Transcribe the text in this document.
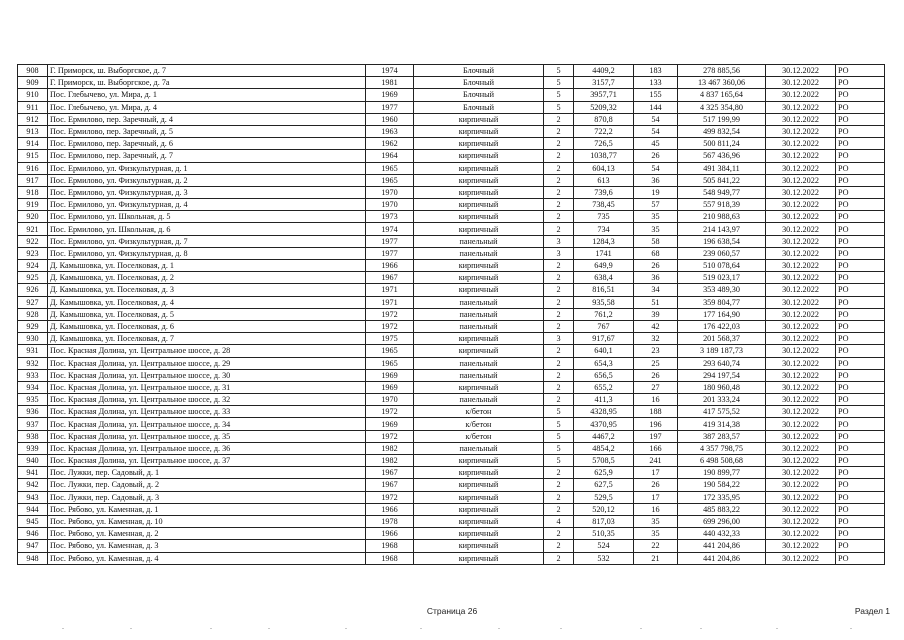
908	Г. Приморск, ш. Выборгское, д. 7	1974	Блочный	5	4409,2	183	278 885,56	30.12.2022	РО
909	Г. Приморск, ш. Выборгское, д. 7а	1981	Блочный	5	3157,7	133	13 467 360,06	30.12.2022	РО
910	Пос. Глебычево, ул. Мира, д. 1	1969	Блочный	5	3957,71	155	4 837 165,64	30.12.2022	РО
911	Пос. Глебычево, ул. Мира, д. 4	1977	Блочный	5	5209,32	144	4 325 354,80	30.12.2022	РО
912	Пос. Ермилово, пер. Заречный, д. 4	1960	кирпичный	2	870,8	54	517 199,99	30.12.2022	РО
913	Пос. Ермилово, пер. Заречный, д. 5	1963	кирпичный	2	722,2	54	499 832,54	30.12.2022	РО
914	Пос. Ермилово, пер. Заречный, д. 6	1962	кирпичный	2	726,5	45	500 811,24	30.12.2022	РО
915	Пос. Ермилово, пер. Заречный, д. 7	1964	кирпичный	2	1038,77	26	567 436,96	30.12.2022	РО
916	Пос. Ермилово, ул. Физкультурная, д. 1	1965	кирпичный	2	604,13	54	491 384,11	30.12.2022	РО
917	Пос. Ермилово, ул. Физкультурная, д. 2	1965	кирпичный	2	613	36	505 841,22	30.12.2022	РО
918	Пос. Ермилово, ул. Физкультурная, д. 3	1970	кирпичный	2	739,6	19	548 949,77	30.12.2022	РО
919	Пос. Ермилово, ул. Физкультурная, д. 4	1970	кирпичный	2	738,45	57	557 918,39	30.12.2022	РО
920	Пос. Ермилово, ул. Школьная, д. 5	1973	кирпичный	2	735	35	210 988,63	30.12.2022	РО
921	Пос. Ермилово, ул. Школьная, д. 6	1974	кирпичный	2	734	35	214 143,97	30.12.2022	РО
922	Пос. Ермилово, ул. Физкультурная, д. 7	1977	панельный	3	1284,3	58	196 638,54	30.12.2022	РО
923	Пос. Ермилово, ул. Физкультурная, д. 8	1977	панельный	3	1741	68	239 060,57	30.12.2022	РО
924	Д. Камышовка, ул. Поселковая, д. 1	1966	кирпичный	2	649,9	26	510 078,64	30.12.2022	РО
925	Д. Камышовка, ул. Поселковая, д. 2	1967	кирпичный	2	638,4	36	519 023,17	30.12.2022	РО
926	Д. Камышовка, ул. Поселковая, д. 3	1971	кирпичный	2	816,51	34	353 489,30	30.12.2022	РО
927	Д. Камышовка, ул. Поселковая, д. 4	1971	панельный	2	935,58	51	359 804,77	30.12.2022	РО
928	Д. Камышовка, ул. Поселковая, д. 5	1972	панельный	2	761,2	39	177 164,90	30.12.2022	РО
929	Д. Камышовка, ул. Поселковая, д. 6	1972	панельный	2	767	42	176 422,03	30.12.2022	РО
930	Д. Камышовка, ул. Поселковая, д. 7	1975	кирпичный	3	917,67	32	201 568,37	30.12.2022	РО
931	Пос. Красная Долина, ул. Центральное шоссе, д. 28	1965	кирпичный	2	640,1	23	3 189 187,73	30.12.2022	РО
932	Пос. Красная Долина, ул. Центральное шоссе, д. 29	1965	панельный	2	654,3	25	293 640,74	30.12.2022	РО
933	Пос. Красная Долина, ул. Центральное шоссе, д. 30	1969	панельный	2	656,5	26	294 197,54	30.12.2022	РО
934	Пос. Красная Долина, ул. Центральное шоссе, д. 31	1969	кирпичный	2	655,2	27	180 960,48	30.12.2022	РО
935	Пос. Красная Долина, ул. Центральное шоссе, д. 32	1970	панельный	2	411,3	16	201 333,24	30.12.2022	РО
936	Пос. Красная Долина, ул. Центральное шоссе, д. 33	1972	к/бетон	5	4328,95	188	417 575,52	30.12.2022	РО
937	Пос. Красная Долина, ул. Центральное шоссе, д. 34	1969	к/бетон	5	4370,95	196	419 314,38	30.12.2022	РО
938	Пос. Красная Долина, ул. Центральное шоссе, д. 35	1972	к/бетон	5	4467,2	197	387 283,57	30.12.2022	РО
939	Пос. Красная Долина, ул. Центральное шоссе, д. 36	1982	панельный	5	4854,2	166	4 357 798,75	30.12.2022	РО
940	Пос. Красная Долина, ул. Центральное шоссе, д. 37	1982	кирпичный	5	5708,5	241	6 498 508,68	30.12.2022	РО
941	Пос. Лужки, пер. Садовый, д. 1	1967	кирпичный	2	625,9	17	190 899,77	30.12.2022	РО
942	Пос. Лужки, пер. Садовый, д. 2	1967	кирпичный	2	627,5	26	190 584,22	30.12.2022	РО
943	Пос. Лужки, пер. Садовый, д. 3	1972	кирпичный	2	529,5	17	172 335,95	30.12.2022	РО
944	Пос. Рябово, ул. Каменная, д. 1	1966	кирпичный	2	520,12	16	485 883,22	30.12.2022	РО
945	Пос. Рябово, ул. Каменная, д. 10	1978	кирпичный	4	817,03	35	699 296,00	30.12.2022	РО
946	Пос. Рябово, ул. Каменная, д. 2	1966	кирпичный	2	510,35	35	440 432,33	30.12.2022	РО
947	Пос. Рябово, ул. Каменная, д. 3	1968	кирпичный	2	524	22	441 204,86	30.12.2022	РО
948	Пос. Рябово, ул. Каменная, д. 4	1968	кирпичный	2	532	21	441 204,86	30.12.2022	РО
Страница 26	Раздел 1
